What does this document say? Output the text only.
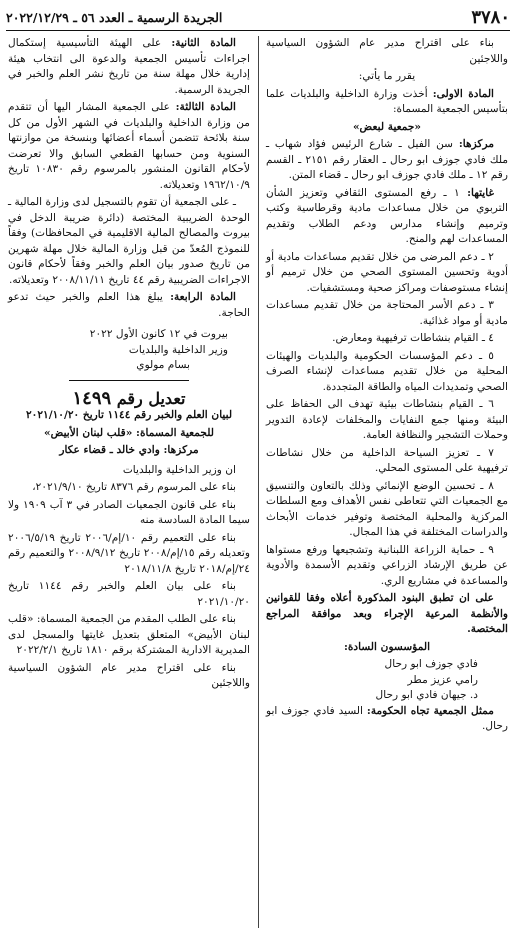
الجريدة الرسمية ـ العدد ٥٦ ـ ٢٠٢٢/١٢/٢٩	٣٧٨٠

بناء على اقتراح مدير عام الشؤون السياسية واللاجئين

يقرر ما يأتي:

المادة الاولى: أخذت وزارة الداخلية والبلديات علما بتأسيس الجمعية المسماة:

«جمعية لبعض»

مركزها: سن الفيل ـ شارع الرئيس فؤاد شهاب ـ ملك فادي جوزف ابو رحال ـ العقار رقم ٢١٥١ ـ القسم رقم ١٢ ـ ملك فادي جوزف ابو رحال ـ قضاء المتن.

غايتها: ١ ـ رفع المستوى الثقافي وتعزيز الشأن التربوي من خلال مساعدات مادية وقرطاسية وكتب وترميم وإنشاء مدارس ودعم الطلاب وتقديم المساعدات لهم والمنح.

٢ ـ دعم المرضى من خلال تقديم مساعدات مادية أو أدوية وتحسين المستوى الصحي من خلال ترميم أو إنشاء مستوصفات ومراكز صحية ومستشفيات.

٣ ـ دعم الأسر المحتاجة من خلال تقديم مساعدات مادية أو مواد غذائية.

٤ ـ القيام بنشاطات ترفيهية ومعارض.

٥ ـ دعم المؤسسات الحكومية والبلديات والهيئات المحلية من خلال تقديم مساعدات لإنشاء الصرف الصحي وتمديدات المياه والطاقة المتجددة.

٦ ـ القيام بنشاطات بيئية تهدف الى الحفاظ على البيئة ومنها جمع النفايات والمخلفات لإعادة التدوير وحملات التشجير والنظافة العامة.

٧ ـ تعزيز السياحة الداخلية من خلال نشاطات ترفيهية على المستوى المحلي.

٨ ـ تحسين الوضع الإنمائي وذلك بالتعاون والتنسيق مع الجمعيات التي تتعاطى نفس الأهداف ومع السلطات المركزية والمحلية المختصة وتوفير خدمات الأبحاث والدراسات المختلفة في هذا المجال.

٩ ـ حماية الزراعة اللبنانية وتشجيعها ورفع مستواها عن طريق الإرشاد الزراعي وتقديم الأسمدة والأدوية والمساعدة في مشاريع الري.

على ان تطبق البنود المذكورة أعلاه وفقا للقوانين والأنظمة المرعية الإجراء وبعد موافقة المراجع المختصة.

المؤسسون السادة:

فادي جوزف ابو رحال

رامي عزيز مطر

د. جيهان فادي ابو رحال

ممثل الجمعية تجاه الحكومة: السيد فادي جوزف ابو رحال.

المادة الثانية: على الهيئة التأسيسية إستكمال اجراءات تأسيس الجمعية والدعوة الى انتخاب هيئة إدارية خلال مهلة سنة من تاريخ نشر العلم والخبر في الجريدة الرسمية.

المادة الثالثة: على الجمعية المشار اليها أن تتقدم من وزارة الداخلية والبلديات في الشهر الأول من كل سنة بلائحة تتضمن أسماء أعضائها وبنسخة من موازنتها السنوية ومن حسابها القطعي السابق والا تعرضت لأحكام القانون المنشور بالمرسوم رقم ١٠٨٣٠ تاريخ ١٩٦٢/١٠/٩ وتعديلاته.

ـ على الجمعية أن تقوم بالتسجيل لدى وزارة المالية ـ الوحدة الضريبية المختصة (دائرة ضريبة الدخل في بيروت والمصالح المالية الاقليمية في المحافظات) وفقاً للنموذج المُعدّ من قبل وزارة المالية خلال مهلة شهرين من تاريخ صدور بيان العلم والخبر وفقاً لأحكام قانون الاجراءات الضريبية رقم ٤٤ تاريخ ٢٠٠٨/١١/١١ وتعديلاته.

المادة الرابعة: يبلغ هذا العلم والخبر حيث تدعو الحاجة.

بيروت في ١٢ كانون الأول ٢٠٢٢

وزير الداخلية والبلديات

بسام مولوي

تعديل رقم ١٤٩٩

لبيان العلم والخبر رقم ١١٤٤ تاريخ ٢٠٢١/١٠/٢٠

للجمعية المسماة: «قلب لبنان الأبيض»

مركزها: وادي خالد ـ قضاء عكار

ان وزير الداخلية والبلديات

بناء على المرسوم رقم ٨٣٧٦ تاريخ ٢٠٢١/٩/١٠،

بناء على قانون الجمعيات الصادر في ٣ آب ١٩٠٩ ولا سيما المادة السادسة منه

بناء على التعميم رقم ١٠/إم/٢٠٠٦ تاريخ ٢٠٠٦/٥/١٩ وتعديله رقم ١٥/إم/٢٠٠٨ تاريخ ٢٠٠٨/٩/١٢ والتعميم رقم ٢٤/إم/٢٠١٨ تاريخ ٢٠١٨/١١/٨

بناء على بيان العلم والخبر رقم ١١٤٤ تاريخ ٢٠٢١/١٠/٢٠

بناء على الطلب المقدم من الجمعية المسماة: «قلب لبنان الأبيض» المتعلق بتعديل غايتها والمسجل لدى المديرية الادارية المشتركة برقم ١٨١٠ تاريخ ٢٠٢٢/٢/١

بناء على اقتراح مدير عام الشؤون السياسية واللاجئين
